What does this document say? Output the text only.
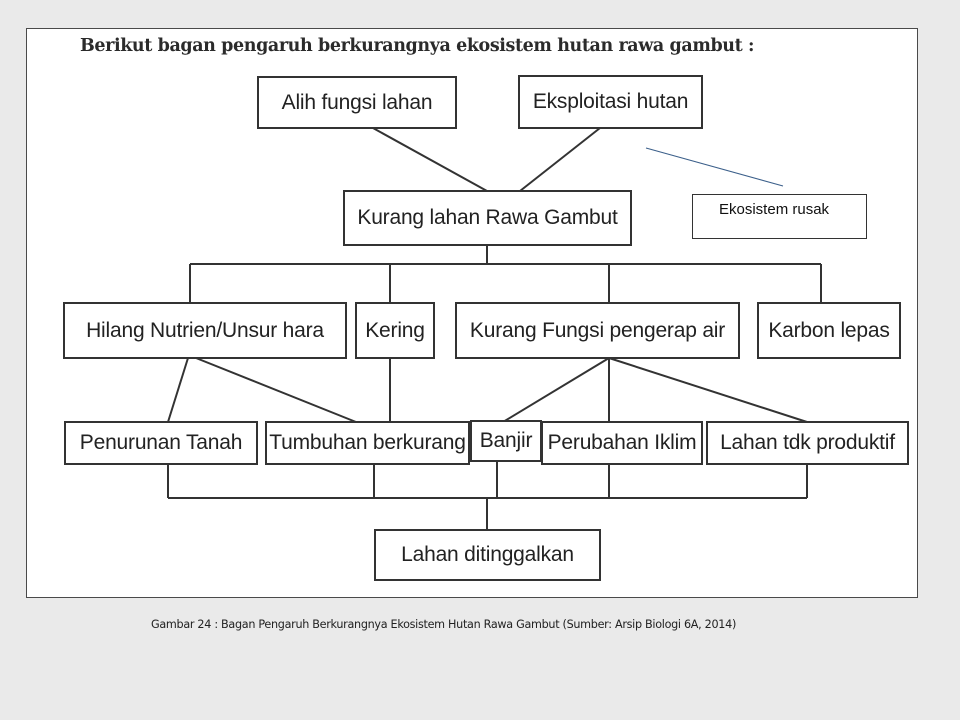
Berikut bagan pengaruh berkurangnya ekosistem hutan rawa gambut :
Alih fungsi lahan	Eksploitasi hutan
Kurang lahan Rawa Gambut
Hilang Nutrien/Unsur hara	Kering	Kurang Fungsi pengerap air	Karbon lepas
Penurunan Tanah	Tumbuhan berkurang Banjir Perubahan Iklim	Lahan tdk produktif
Lahan ditinggalkan
Ekosistem rusak
Gambar 24 : Bagan Pengaruh Berkurangnya Ekosistem Hutan Rawa Gambut (Sumber: Arsip Biologi 6A, 2014)
